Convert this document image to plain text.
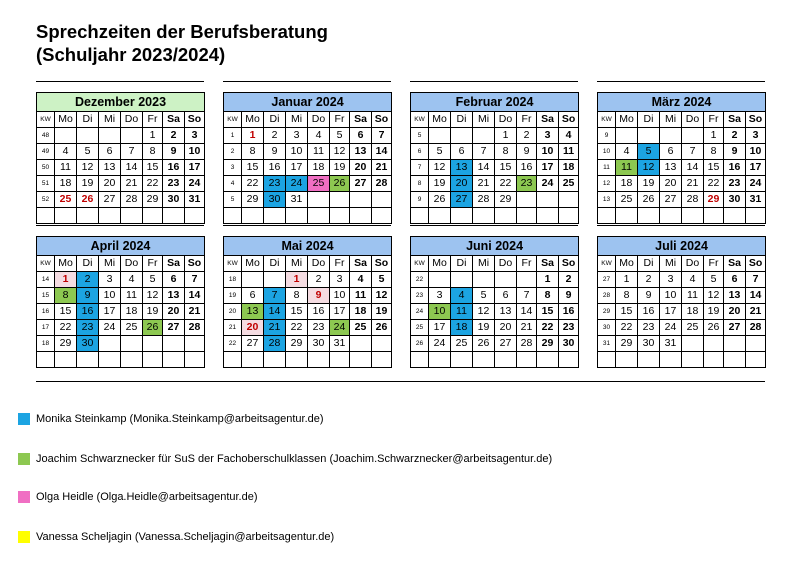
Sprechzeiten der Berufsberatung
(Schuljahr 2023/2024)
Dezember 2023							
KW	Mo	Di	Mi	Do	Fr	Sa	So
48					1	2	3
49	4	5	6	7	8	9	10
50	11	12	13	14	15	16	17
51	18	19	20	21	22	23	24
52	25	26	27	28	29	30	31

Januar 2024							
KW	Mo	Di	Mi	Do	Fr	Sa	So
1	1	2	3	4	5	6	7
2	8	9	10	11	12	13	14
3	15	16	17	18	19	20	21
4	22	23	24	25	26	27	28
5	29	30	31				

Februar 2024							
KW	Mo	Di	Mi	Do	Fr	Sa	So
5				1	2	3	4
6	5	6	7	8	9	10	11
7	12	13	14	15	16	17	18
8	19	20	21	22	23	24	25
9	26	27	28	29			

März 2024							
KW	Mo	Di	Mi	Do	Fr	Sa	So
9					1	2	3
10	4	5	6	7	8	9	10
11	11	12	13	14	15	16	17
12	18	19	20	21	22	23	24
13	25	26	27	28	29	30	31

April 2024							
KW	Mo	Di	Mi	Do	Fr	Sa	So
14	1	2	3	4	5	6	7
15	8	9	10	11	12	13	14
16	15	16	17	18	19	20	21
17	22	23	24	25	26	27	28
18	29	30					

Mai 2024							
KW	Mo	Di	Mi	Do	Fr	Sa	So
18			1	2	3	4	5
19	6	7	8	9	10	11	12
20	13	14	15	16	17	18	19
21	20	21	22	23	24	25	26
22	27	28	29	30	31		

Juni 2024							
KW	Mo	Di	Mi	Do	Fr	Sa	So
22						1	2
23	3	4	5	6	7	8	9
24	10	11	12	13	14	15	16
25	17	18	19	20	21	22	23
26	24	25	26	27	28	29	30

Juli 2024							
KW	Mo	Di	Mi	Do	Fr	Sa	So
27	1	2	3	4	5	6	7
28	8	9	10	11	12	13	14
29	15	16	17	18	19	20	21
30	22	23	24	25	26	27	28
31	29	30	31				

Monika Steinkamp (Monika.Steinkamp@arbeitsagentur.de)
Joachim Schwarznecker für SuS der Fachoberschulklassen (Joachim.Schwarznecker@arbeitsagentur.de)
Olga Heidle (Olga.Heidle@arbeitsagentur.de)
Vanessa Scheljagin (Vanessa.Scheljagin@arbeitsagentur.de)
